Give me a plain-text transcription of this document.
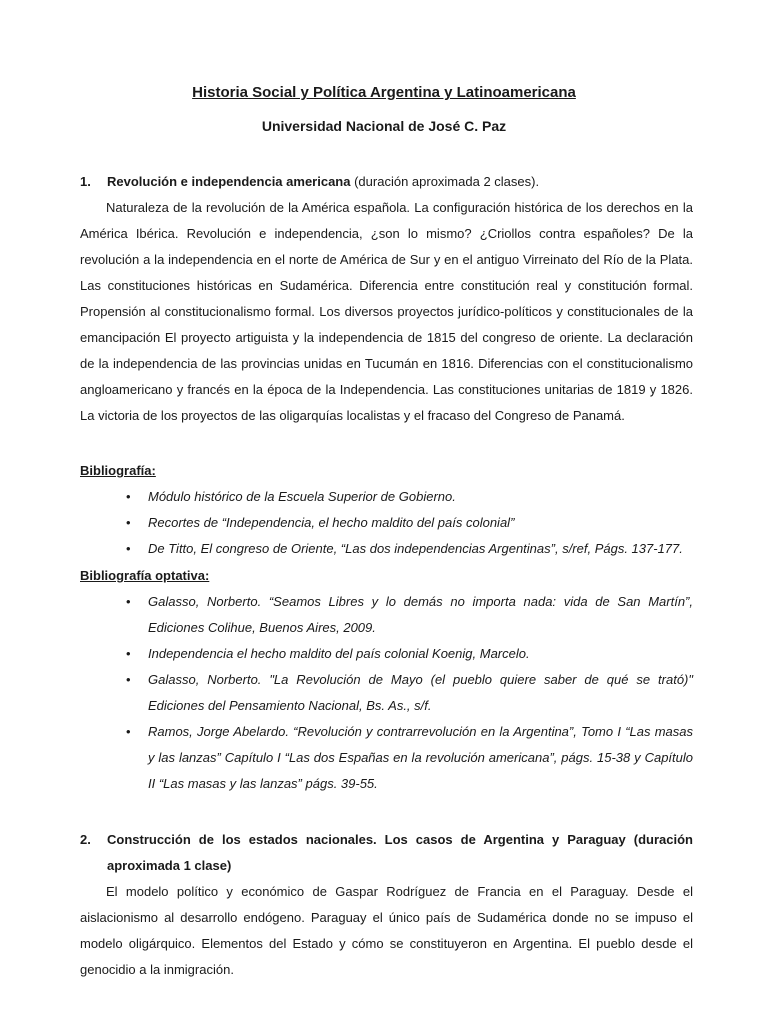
Historia Social y Política Argentina y Latinoamericana
Universidad Nacional de José C. Paz
1.	Revolución e independencia americana (duración aproximada 2 clases).

Naturaleza de la revolución de la América española. La configuración histórica de los derechos en la América Ibérica. Revolución e independencia, ¿son lo mismo? ¿Criollos contra españoles? De la revolución a la independencia en el norte de América de Sur y en el antiguo Virreinato del Río de la Plata. Las constituciones históricas en Sudamérica. Diferencia entre constitución real y constitución formal. Propensión al constitucionalismo formal. Los diversos proyectos jurídico-políticos y constitucionales de la emancipación El proyecto artiguista y la independencia de 1815 del congreso de oriente. La declaración de la independencia de las provincias unidas en Tucumán en 1816. Diferencias con el constitucionalismo angloamericano y francés en la época de la Independencia. Las constituciones unitarias de 1819 y 1826. La victoria de los proyectos de las oligarquías localistas y el fracaso del Congreso de Panamá.

Bibliografía:
• Módulo histórico de la Escuela Superior de Gobierno.
• Recortes de “Independencia, el hecho maldito del país colonial”
• De Titto, El congreso de Oriente, “Las dos independencias Argentinas”, s/ref, Págs. 137-177.
Bibliografía optativa:
• Galasso, Norberto. “Seamos Libres y lo demás no importa nada: vida de San Martín”, Ediciones Colihue, Buenos Aires, 2009.
• Independencia el hecho maldito del país colonial Koenig, Marcelo.
• Galasso, Norberto. "La Revolución de Mayo (el pueblo quiere saber de qué se trató)" Ediciones del Pensamiento Nacional, Bs. As., s/f.
• Ramos, Jorge Abelardo. “Revolución y contrarrevolución en la Argentina”, Tomo I “Las masas y las lanzas” Capítulo I “Las dos Españas en la revolución americana”, págs. 15-38 y Capítulo II “Las masas y las lanzas” págs. 39-55.
2.	Construcción de los estados nacionales. Los casos de Argentina y Paraguay (duración aproximada 1 clase)

El modelo político y económico de Gaspar Rodríguez de Francia en el Paraguay. Desde el aislacionismo al desarrollo endógeno. Paraguay el único país de Sudamérica donde no se impuso el modelo oligárquico. Elementos del Estado y cómo se constituyeron en Argentina. El pueblo desde el genocidio a la inmigración.
